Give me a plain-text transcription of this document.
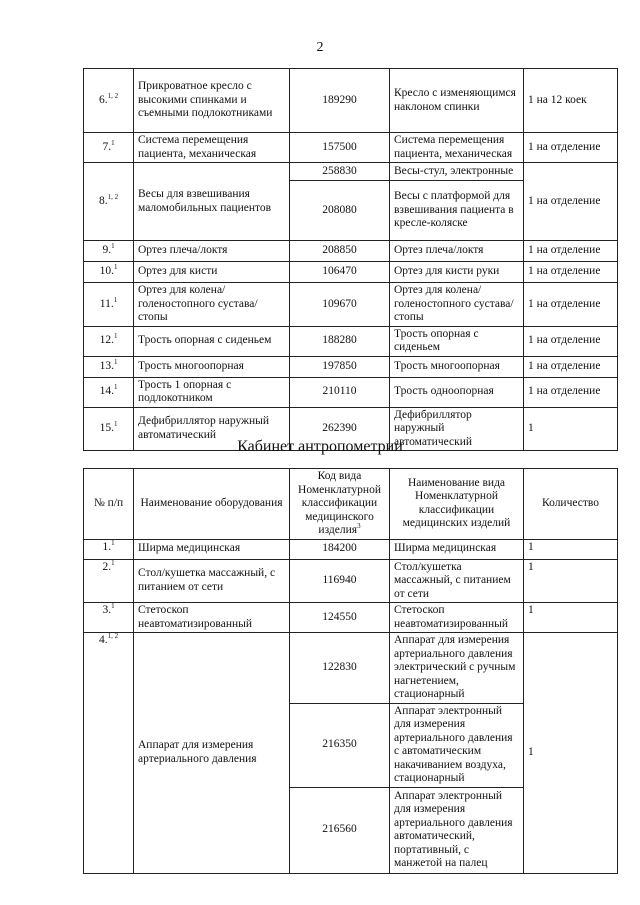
2
6.$^{1, 2}$	Прикроватное кресло с высокими спинками и съемными подлокотниками	189290	Кресло с изменяющимся наклоном спинки	1 на 12 коек
7.$^1$	Система перемещения пациента, механическая	157500	Система перемещения пациента, механическая	1 на отделение
8.$^{1, 2}$	Весы для взвешивания маломобильных пациентов	258830	Весы-стул, электронные	1 на отделение
		208080	Весы с платформой для взвешивания пациента в кресле-коляске	
9.$^1$	Ортез плеча/локтя	208850	Ортез плеча/локтя	1 на отделение
10.$^1$	Ортез для кисти	106470	Ортез для кисти руки	1 на отделение
11.$^1$	Ортез для колена/голеностопного сустава/стопы	109670	Ортез для колена/голеностопного сустава/стопы	1 на отделение
12.$^1$	Трость опорная с сиденьем	188280	Трость опорная с сиденьем	1 на отделение
13.$^1$	Трость многоопорная	197850	Трость многоопорная	1 на отделение
14.$^1$	Трость 1 опорная с подлокотником	210110	Трость одноопорная	1 на отделение
15.$^1$	Дефибриллятор наружный автоматический	262390	Дефибриллятор наружный автоматический	1
Кабинет антропометрии
№ п/п	Наименование оборудования	Код вида Номенклатурной классификации медицинского изделия$^3$	Наименование вида Номенклатурной классификации медицинских изделий	Количество
1.$^1$	Ширма медицинская	184200	Ширма медицинская	1
2.$^1$	Стол/кушетка массажный, с питанием от сети	116940	Стол/кушетка массажный, с питанием от сети	1
3.$^1$	Стетоскоп неавтоматизированный	124550	Стетоскоп неавтоматизированный	1
4.$^{1, 2}$	Аппарат для измерения артериального давления	122830	Аппарат для измерения артериального давления электрический с ручным нагнетением, стационарный	1
		216350	Аппарат электронный для измерения артериального давления с автоматическим накачиванием воздуха, стационарный	
		216560	Аппарат электронный для измерения артериального давления автоматический, портативный, с манжетой на палец	
